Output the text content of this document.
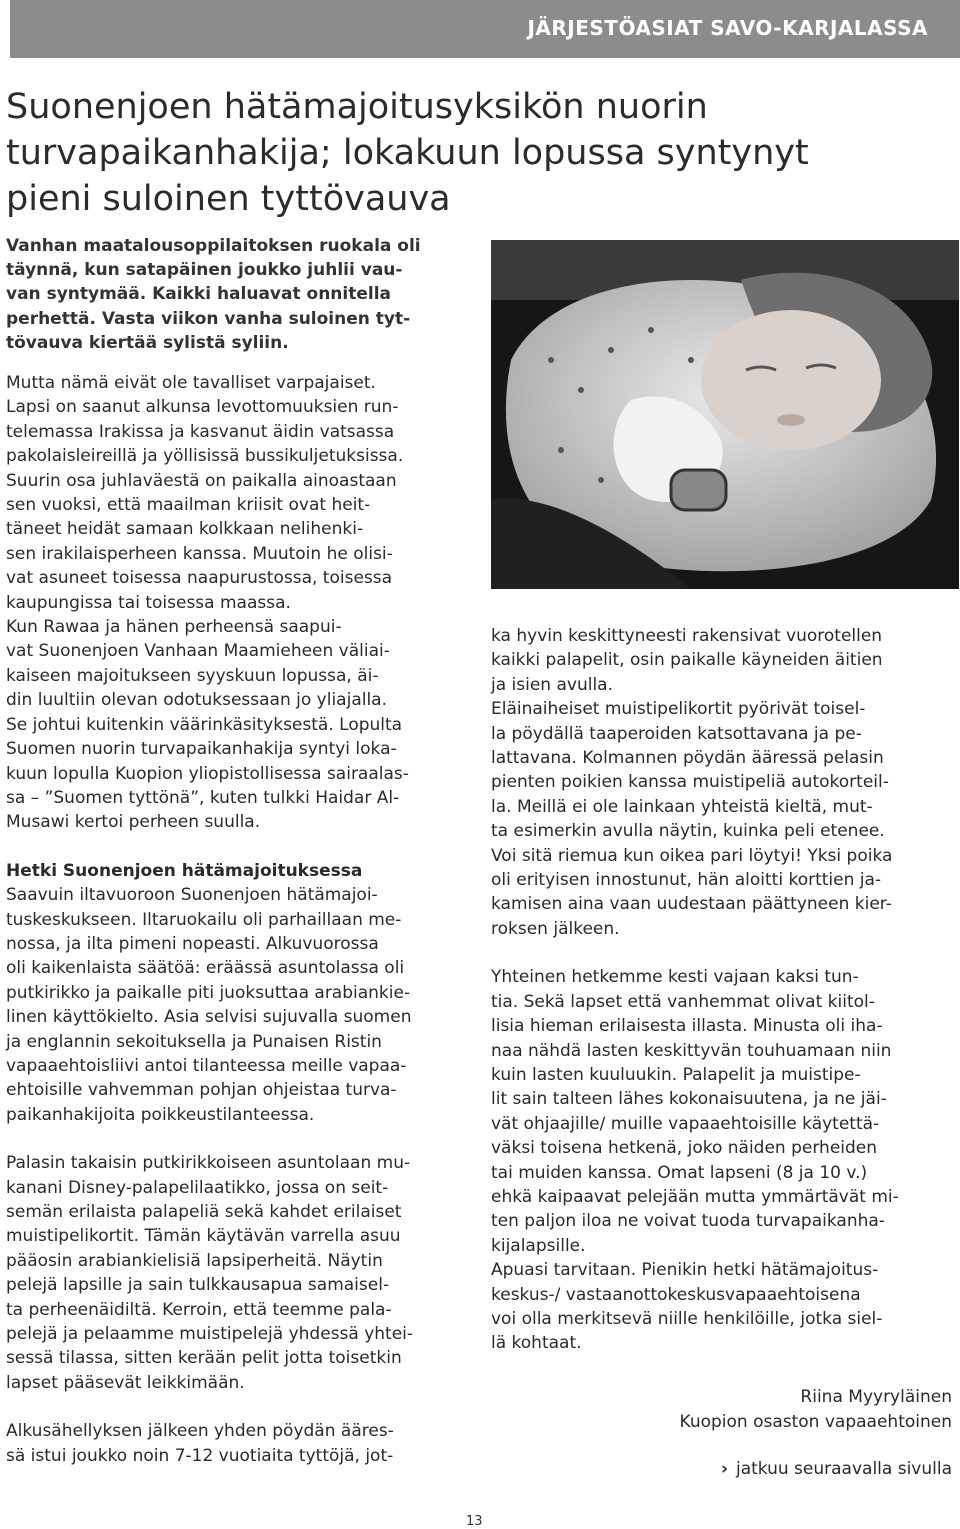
JÄRJESTÖASIAT SAVO-KARJALASSA
Suonenjoen hätämajoitusyksikön nuorin
turvapaikanhakija; lokakuun lopussa syntynyt
pieni suloinen tyttövauva
Vanhan maatalousoppilaitoksen ruokala oli
täynnä, kun satapäinen joukko juhlii vau-
van syntymää. Kaikki haluavat onnitella
perhettä. Vasta viikon vanha suloinen tyt-
tövauva kiertää sylistä syliin.
Mutta nämä eivät ole tavalliset varpajaiset.
Lapsi on saanut alkunsa levottomuuksien run-
telemassa Irakissa ja kasvanut äidin vatsassa
pakolaisleireillä ja yöllisissä bussikuljetuksissa.
Suurin osa juhlaväestä on paikalla ainoastaan
sen vuoksi, että maailman kriisit ovat heit-
täneet heidät samaan kolkkaan nelihenki-
sen irakilaisperheen kanssa. Muutoin he olisi-
vat asuneet toisessa naapurustossa, toisessa
kaupungissa tai toisessa maassa.
Kun Rawaa ja hänen perheensä saapui-
vat Suonenjoen Vanhaan Maamieheen väliai-
kaiseen majoitukseen syyskuun lopussa, äi-
din luultiin olevan odotuksessaan jo yliajalla.
Se johtui kuitenkin väärinkäsityksestä. Lopulta
Suomen nuorin turvapaikanhakija syntyi loka-
kuun lopulla Kuopion yliopistollisessa sairaalas-
sa – ”Suomen tyttönä”, kuten tulkki Haidar Al-
Musawi kertoi perheen suulla.
Hetki Suonenjoen hätämajoituksessa
Saavuin iltavuoroon Suonenjoen hätämajoi-
tuskeskukseen. Iltaruokailu oli parhaillaan me-
nossa, ja ilta pimeni nopeasti. Alkuvuorossa
oli kaikenlaista säätöä: eräässä asuntolassa oli
putkirikko ja paikalle piti juoksuttaa arabiankie-
linen käyttökielto. Asia selvisi sujuvalla suomen
ja englannin sekoituksella ja Punaisen Ristin
vapaaehtoisliivi antoi tilanteessa meille vapaa-
ehtoisille vahvemman pohjan ohjeistaa turva-
paikanhakijoita poikkeustilanteessa.
Palasin takaisin putkirikkoiseen asuntolaan mu-
kanani Disney-palapelilaatikko, jossa on seit-
semän erilaista palapeliä sekä kahdet erilaiset
muistipelikortit. Tämän käytävän varrella asuu
pääosin arabiankielisiä lapsiperheitä. Näytin
pelejä lapsille ja sain tulkkausapua samaisel-
ta perheenäidiltä. Kerroin, että teemme pala-
pelejä ja pelaamme muistipelejä yhdessä yhtei-
sessä tilassa, sitten kerään pelit jotta toisetkin
lapset pääsevät leikkimään.
Alkusähellyksen jälkeen yhden pöydän ääres-
sä istui joukko noin 7-12 vuotiaita tyttöjä, jot-
ka hyvin keskittyneesti rakensivat vuorotellen
kaikki palapelit, osin paikalle käyneiden äitien
ja isien avulla.
Eläinaiheiset muistipelikortit pyörivät toisel-
la pöydällä taaperoiden katsottavana ja pe-
lattavana. Kolmannen pöydän ääressä pelasin
pienten poikien kanssa muistipeliä autokorteil-
la. Meillä ei ole lainkaan yhteistä kieltä, mut-
ta esimerkin avulla näytin, kuinka peli etenee.
Voi sitä riemua kun oikea pari löytyi! Yksi poika
oli erityisen innostunut, hän aloitti korttien ja-
kamisen aina vaan uudestaan päättyneen kier-
roksen jälkeen.
Yhteinen hetkemme kesti vajaan kaksi tun-
tia. Sekä lapset että vanhemmat olivat kiitol-
lisia hieman erilaisesta illasta. Minusta oli iha-
naa nähdä lasten keskittyvän touhuamaan niin
kuin lasten kuuluukin. Palapelit ja muistipe-
lit sain talteen lähes kokonaisuutena, ja ne jäi-
vät ohjaajille/ muille vapaaehtoisille käytettä-
väksi toisena hetkenä, joko näiden perheiden
tai muiden kanssa. Omat lapseni (8 ja 10 v.)
ehkä kaipaavat pelejään mutta ymmärtävät mi-
ten paljon iloa ne voivat tuoda turvapaikanha-
kijalapsille.
Apuasi tarvitaan. Pienikin hetki hätämajoitus-
keskus-/ vastaanottokeskusvapaaehtoisena
voi olla merkitsevä niille henkilöille, jotka siel-
lä kohtaat.
Riina Myyryläinen
Kuopion osaston vapaaehtoinen
› jatkuu seuraavalla sivulla
13
